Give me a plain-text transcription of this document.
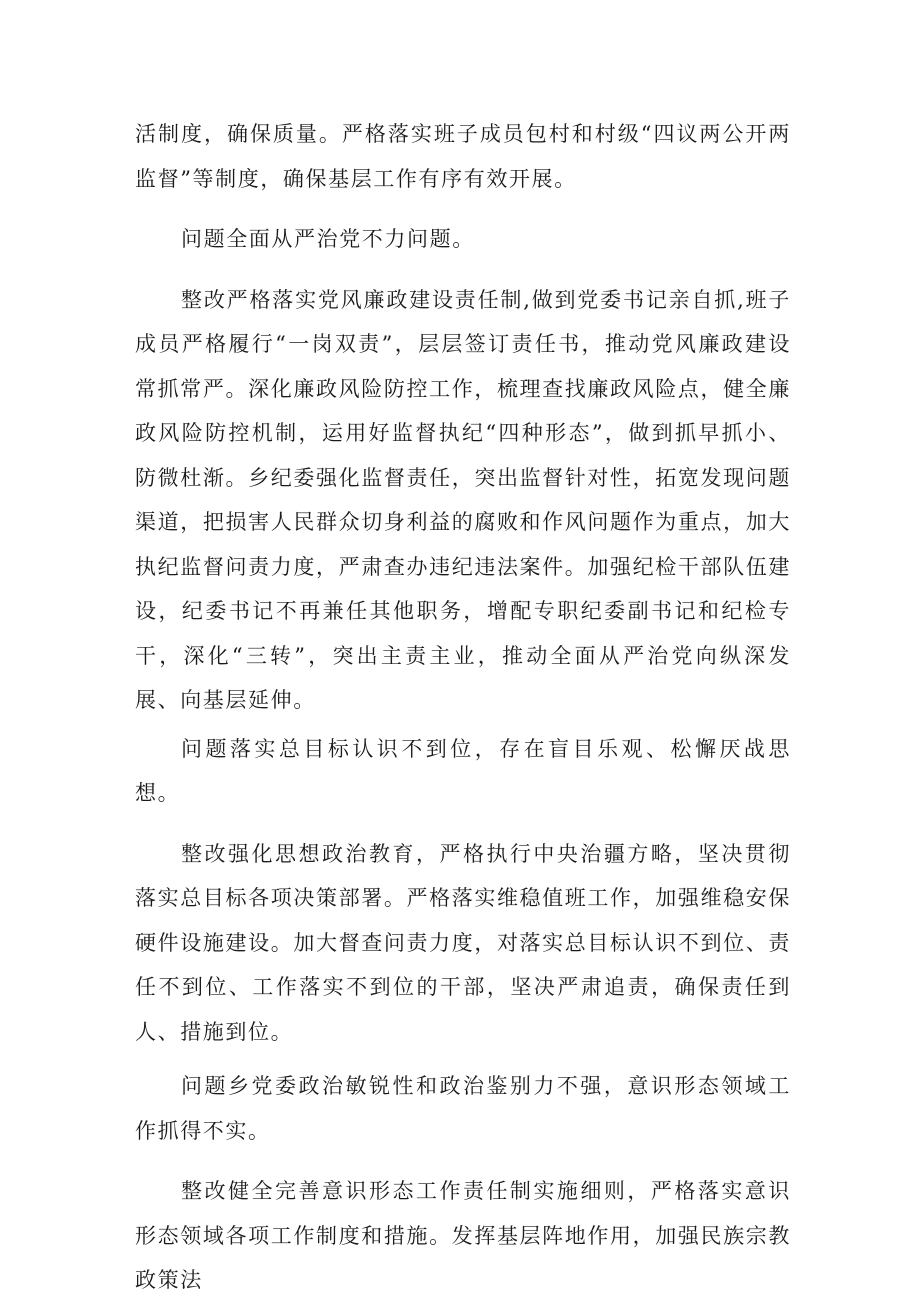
活制度，确保质量。严格落实班子成员包村和村级“四议两公开两监督”等制度，确保基层工作有序有效开展。

问题全面从严治党不力问题。

整改严格落实党风廉政建设责任制,做到党委书记亲自抓,班子成员严格履行“一岗双责”，层层签订责任书，推动党风廉政建设常抓常严。深化廉政风险防控工作，梳理查找廉政风险点，健全廉政风险防控机制，运用好监督执纪“四种形态”，做到抓早抓小、防微杜渐。乡纪委强化监督责任，突出监督针对性，拓宽发现问题渠道，把损害人民群众切身利益的腐败和作风问题作为重点，加大执纪监督问责力度，严肃查办违纪违法案件。加强纪检干部队伍建设，纪委书记不再兼任其他职务，增配专职纪委副书记和纪检专干，深化“三转”，突出主责主业，推动全面从严治党向纵深发展、向基层延伸。

问题落实总目标认识不到位，存在盲目乐观、松懈厌战思想。

整改强化思想政治教育，严格执行中央治疆方略，坚决贯彻落实总目标各项决策部署。严格落实维稳值班工作，加强维稳安保硬件设施建设。加大督查问责力度，对落实总目标认识不到位、责任不到位、工作落实不到位的干部，坚决严肃追责，确保责任到人、措施到位。

问题乡党委政治敏锐性和政治鉴别力不强，意识形态领域工作抓得不实。

整改健全完善意识形态工作责任制实施细则，严格落实意识形态领域各项工作制度和措施。发挥基层阵地作用，加强民族宗教政策法
